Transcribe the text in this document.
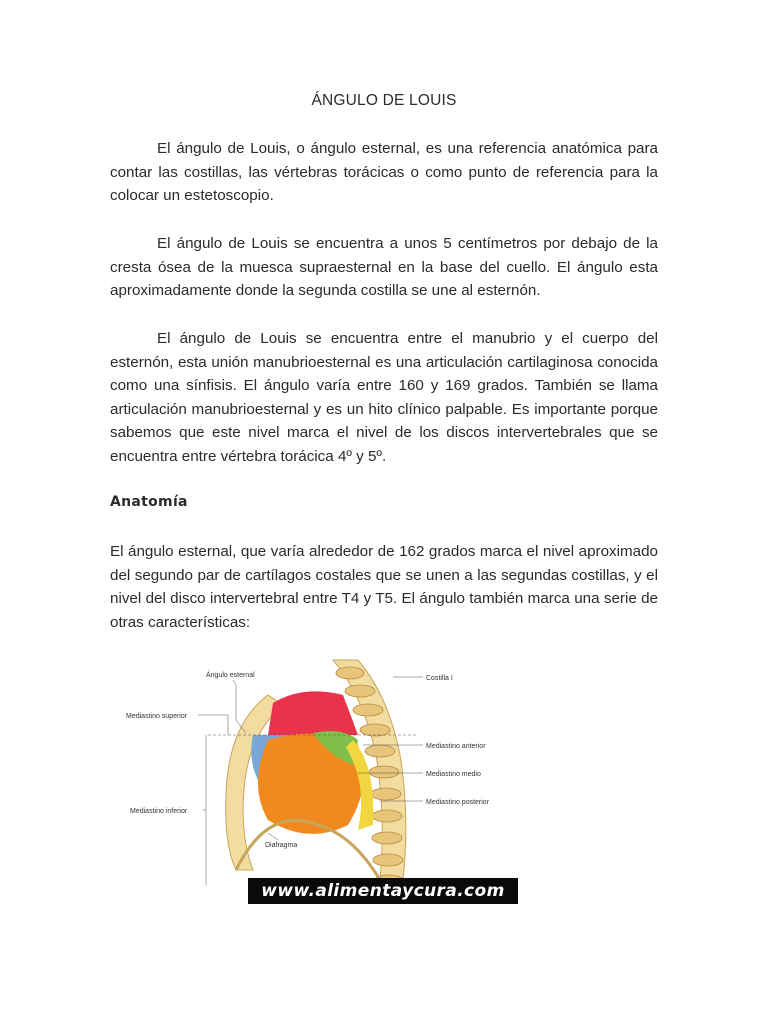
ÁNGULO DE LOUIS

El ángulo de Louis, o ángulo esternal, es una referencia anatómica para contar las costillas, las vértebras torácicas o como punto de referencia para la colocar un estetoscopio.

El ángulo de Louis se encuentra a unos 5 centímetros por debajo de la cresta ósea de la muesca supraesternal en la base del cuello. El ángulo esta aproximadamente donde la segunda costilla se une al esternón.

El ángulo de Louis se encuentra entre el manubrio y el cuerpo del esternón, esta unión manubrioesternal es una articulación cartilaginosa conocida como una sínfisis. El ángulo varía entre 160 y 169 grados. También se llama articulación manubrioesternal y es un hito clínico palpable. Es importante porque sabemos que este nivel marca el nivel de los discos intervertebrales que se encuentra entre vértebra torácica 4º y 5º.

Anatomía

El ángulo esternal, que varía alrededor de 162 grados marca el nivel aproximado del segundo par de cartílagos costales que se unen a las segundas costillas, y el nivel del disco intervertebral entre T4 y T5. El ángulo también marca una serie de otras características:

Ángulo esternal	Costilla I
Mediastino superior
Mediastino anterior
Mediastino medio
Mediastino posterior
Mediastino inferior
Diafragma
www.alimentaycura.com
